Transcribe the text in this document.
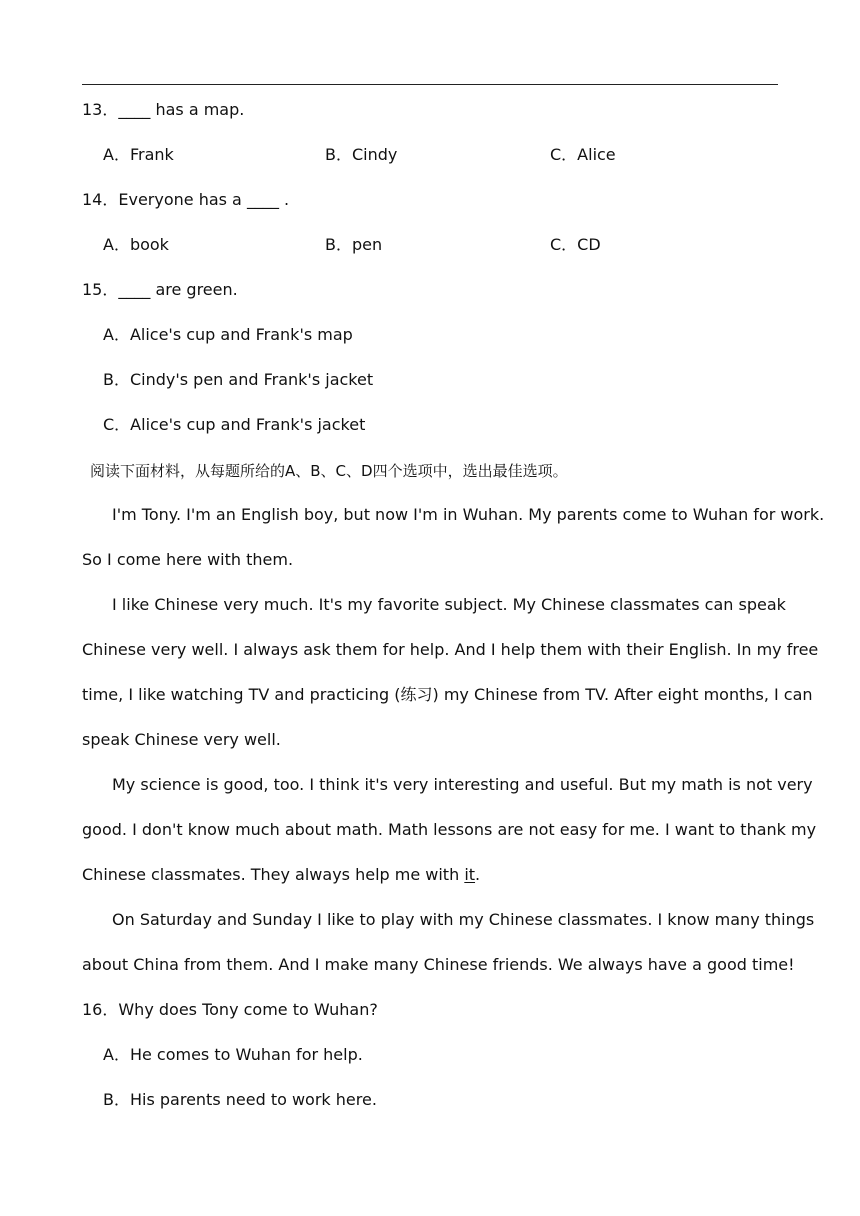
13．____ has a map.
A．Frank	B．Cindy	C．Alice
14．Everyone has a ____ .
A．book	B．pen	C．CD
15．____ are green.
A．Alice's cup and Frank's map
B．Cindy's pen and Frank's jacket
C．Alice's cup and Frank's jacket
阅读下面材料，从每题所给的A、B、C、D四个选项中，选出最佳选项。
I'm Tony. I'm an English boy, but now I'm in Wuhan. My parents come to Wuhan for work.
So I come here with them.
I like Chinese very much. It's my favorite subject. My Chinese classmates can speak
Chinese very well. I always ask them for help. And I help them with their English. In my free
time, I like watching TV and practicing (练习) my Chinese from TV. After eight months, I can
speak Chinese very well.
My science is good, too. I think it's very interesting and useful. But my math is not very
good. I don't know much about math. Math lessons are not easy for me. I want to thank my
Chinese classmates. They always help me with it.
On Saturday and Sunday I like to play with my Chinese classmates. I know many things
about China from them. And I make many Chinese friends. We always have a good time!
16．Why does Tony come to Wuhan?
A．He comes to Wuhan for help.
B．His parents need to work here.
